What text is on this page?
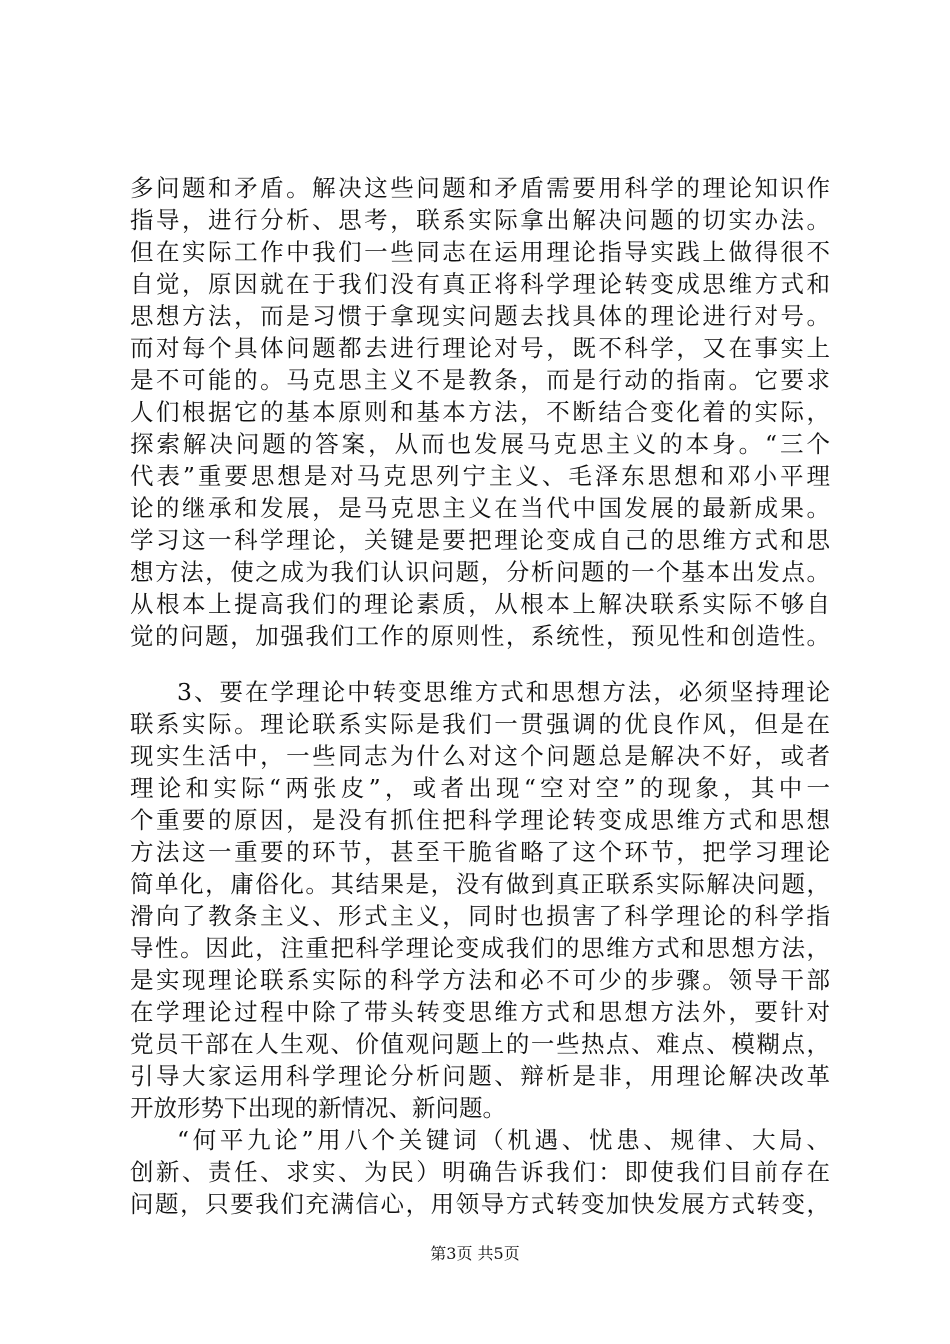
多问题和矛盾。解决这些问题和矛盾需要用科学的理论知识作
指导，进行分析、思考，联系实际拿出解决问题的切实办法。
但在实际工作中我们一些同志在运用理论指导实践上做得很不
自觉，原因就在于我们没有真正将科学理论转变成思维方式和
思想方法，而是习惯于拿现实问题去找具体的理论进行对号。
而对每个具体问题都去进行理论对号，既不科学，又在事实上
是不可能的。马克思主义不是教条，而是行动的指南。它要求
人们根据它的基本原则和基本方法，不断结合变化着的实际，
探索解决问题的答案，从而也发展马克思主义的本身。“三个
代表”重要思想是对马克思列宁主义、毛泽东思想和邓小平理
论的继承和发展，是马克思主义在当代中国发展的最新成果。
学习这一科学理论，关键是要把理论变成自己的思维方式和思
想方法，使之成为我们认识问题，分析问题的一个基本出发点。
从根本上提高我们的理论素质，从根本上解决联系实际不够自
觉的问题，加强我们工作的原则性，系统性，预见性和创造性。
3、要在学理论中转变思维方式和思想方法，必须坚持理论
联系实际。理论联系实际是我们一贯强调的优良作风，但是在
现实生活中，一些同志为什么对这个问题总是解决不好，或者
理论和实际“两张皮”，或者出现“空对空”的现象，其中一
个重要的原因，是没有抓住把科学理论转变成思维方式和思想
方法这一重要的环节，甚至干脆省略了这个环节，把学习理论
简单化，庸俗化。其结果是，没有做到真正联系实际解决问题，
滑向了教条主义、形式主义，同时也损害了科学理论的科学指
导性。因此，注重把科学理论变成我们的思维方式和思想方法，
是实现理论联系实际的科学方法和必不可少的步骤。领导干部
在学理论过程中除了带头转变思维方式和思想方法外，要针对
党员干部在人生观、价值观问题上的一些热点、难点、模糊点，
引导大家运用科学理论分析问题、辩析是非，用理论解决改革
开放形势下出现的新情况、新问题。
“何平九论”用八个关键词（机遇、忧患、规律、大局、
创新、责任、求实、为民）明确告诉我们：即使我们目前存在
问题，只要我们充满信心，用领导方式转变加快发展方式转变，
第3页 共5页
